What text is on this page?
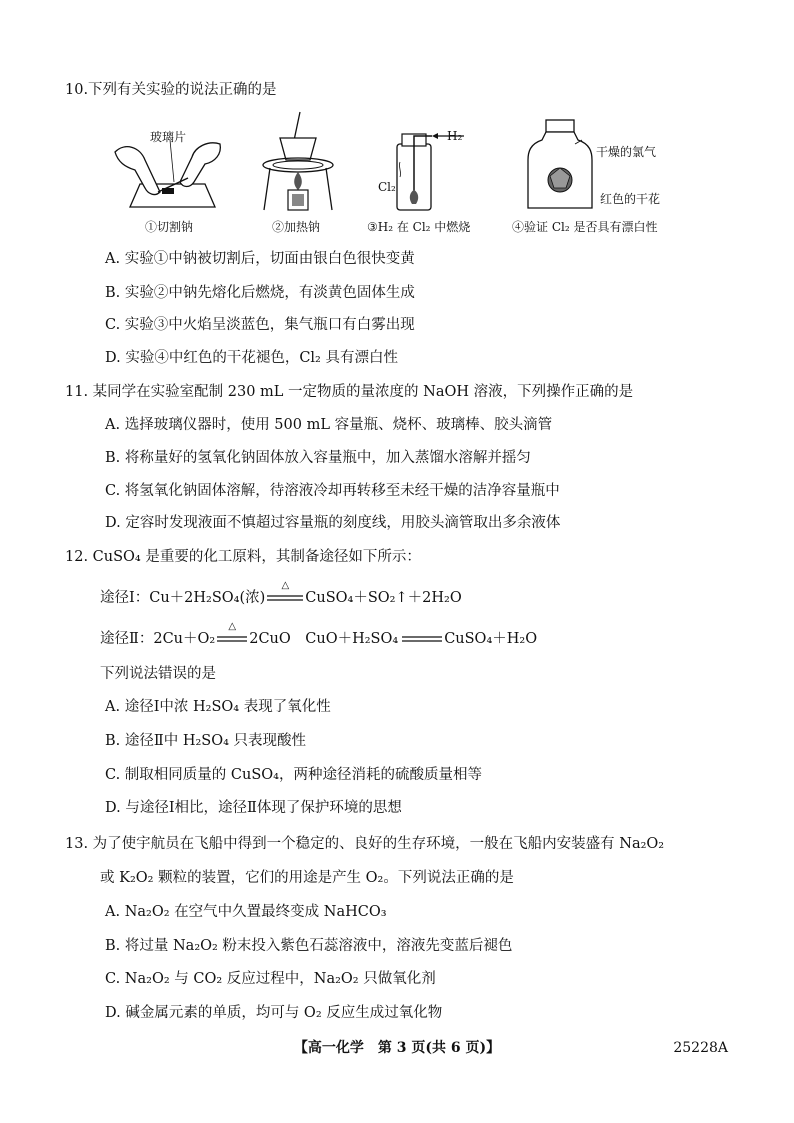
10.下列有关实验的说法正确的是
玻璃片
①切割钠	②加热钠
H₂
Cl₂
③H₂ 在 Cl₂ 中燃烧
干燥的氯气
红色的干花
④验证 Cl₂ 是否具有漂白性
A. 实验①中钠被切割后，切面由银白色很快变黄
B. 实验②中钠先熔化后燃烧，有淡黄色固体生成
C. 实验③中火焰呈淡蓝色，集气瓶口有白雾出现
D. 实验④中红色的干花褪色，Cl₂ 具有漂白性
11. 某同学在实验室配制 230 mL 一定物质的量浓度的 NaOH 溶液，下列操作正确的是
A. 选择玻璃仪器时，使用 500 mL 容量瓶、烧杯、玻璃棒、胶头滴管
B. 将称量好的氢氧化钠固体放入容量瓶中，加入蒸馏水溶解并摇匀
C. 将氢氧化钠固体溶解，待溶液冷却再转移至未经干燥的洁净容量瓶中
D. 定容时发现液面不慎超过容量瓶的刻度线，用胶头滴管取出多余液体
12. CuSO₄ 是重要的化工原料，其制备途径如下所示：
途径Ⅰ：Cu＋2H₂SO₄(浓)
△
CuSO₄＋SO₂↑＋2H₂O
途径Ⅱ：2Cu＋O₂
△
2CuO　CuO＋H₂SO₄	CuSO₄＋H₂O
下列说法错误的是
A. 途径Ⅰ中浓 H₂SO₄ 表现了氧化性
B. 途径Ⅱ中 H₂SO₄ 只表现酸性
C. 制取相同质量的 CuSO₄，两种途径消耗的硫酸质量相等
D. 与途径Ⅰ相比，途径Ⅱ体现了保护环境的思想
13. 为了使宇航员在飞船中得到一个稳定的、良好的生存环境，一般在飞船内安装盛有 Na₂O₂
或 K₂O₂ 颗粒的装置，它们的用途是产生 O₂。下列说法正确的是
A. Na₂O₂ 在空气中久置最终变成 NaHCO₃
B. 将过量 Na₂O₂ 粉末投入紫色石蕊溶液中，溶液先变蓝后褪色
C. Na₂O₂ 与 CO₂ 反应过程中，Na₂O₂ 只做氧化剂
D. 碱金属元素的单质，均可与 O₂ 反应生成过氧化物
【高一化学　第 3 页(共 6 页)】	25228A
